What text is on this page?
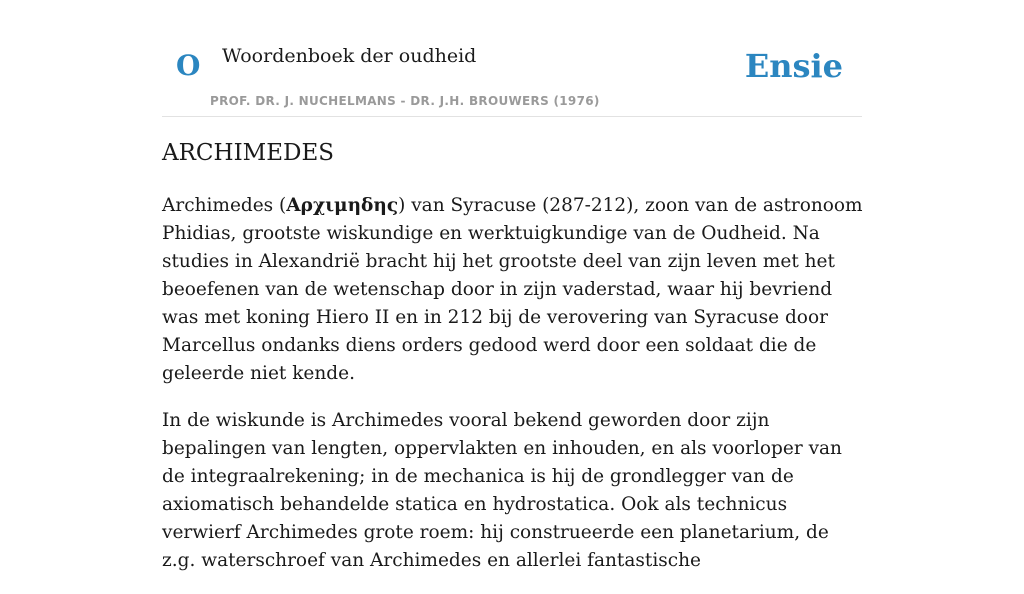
O Woordenboek der oudheid
PROF. DR. J. NUCHELMANS - DR. J.H. BROUWERS (1976)
Ensie
ARCHIMEDES

Archimedes (Αρχιμηδης) van Syracuse (287-212), zoon van de astronoom Phidias, grootste wiskundige en werktuigkundige van de Oudheid. Na studies in Alexandrië bracht hij het grootste deel van zijn leven met het beoefenen van de wetenschap door in zijn vaderstad, waar hij bevriend was met koning Hiero II en in 212 bij de verovering van Syracuse door Marcellus ondanks diens orders gedood werd door een soldaat die de geleerde niet kende.

In de wiskunde is Archimedes vooral bekend geworden door zijn bepalingen van lengten, oppervlakten en inhouden, en als voorloper van de integraalrekening; in de mechanica is hij de grondlegger van de axiomatisch behandelde statica en hydrostatica. Ook als technicus verwierf Archimedes grote roem: hij construeerde een planetarium, de z.g. waterschroef van Archimedes en allerlei fantastische
